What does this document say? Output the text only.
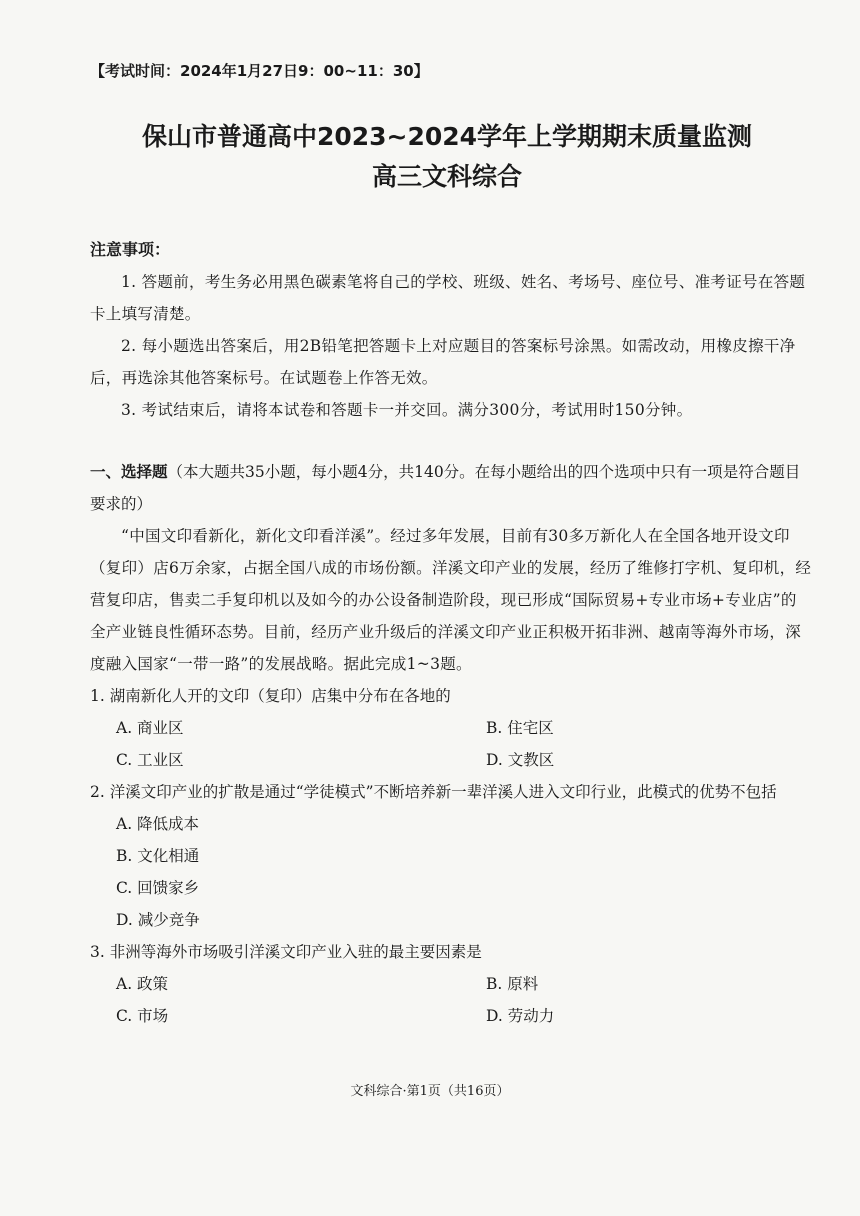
【考试时间：2024年1月27日9：00~11：30】
保山市普通高中2023~2024学年上学期期末质量监测
高三文科综合
注意事项：
1. 答题前，考生务必用黑色碳素笔将自己的学校、班级、姓名、考场号、座位号、准考证号在答题卡上填写清楚。
2. 每小题选出答案后，用2B铅笔把答题卡上对应题目的答案标号涂黑。如需改动，用橡皮擦干净后，再选涂其他答案标号。在试题卷上作答无效。
3. 考试结束后，请将本试卷和答题卡一并交回。满分300分，考试用时150分钟。
一、选择题（本大题共35小题，每小题4分，共140分。在每小题给出的四个选项中只有一项是符合题目要求的）
“中国文印看新化，新化文印看洋溪”。经过多年发展，目前有30多万新化人在全国各地开设文印（复印）店6万余家，占据全国八成的市场份额。洋溪文印产业的发展，经历了维修打字机、复印机，经营复印店，售卖二手复印机以及如今的办公设备制造阶段，现已形成“国际贸易+专业市场+专业店”的全产业链良性循环态势。目前，经历产业升级后的洋溪文印产业正积极开拓非洲、越南等海外市场，深度融入国家“一带一路”的发展战略。据此完成1~3题。
1. 湖南新化人开的文印（复印）店集中分布在各地的
A. 商业区	B. 住宅区
C. 工业区	D. 文教区
2. 洋溪文印产业的扩散是通过“学徒模式”不断培养新一辈洋溪人进入文印行业，此模式的优势不包括
A. 降低成本
B. 文化相通
C. 回馈家乡
D. 减少竞争
3. 非洲等海外市场吸引洋溪文印产业入驻的最主要因素是
A. 政策	B. 原料
C. 市场	D. 劳动力
文科综合·第1页（共16页）
